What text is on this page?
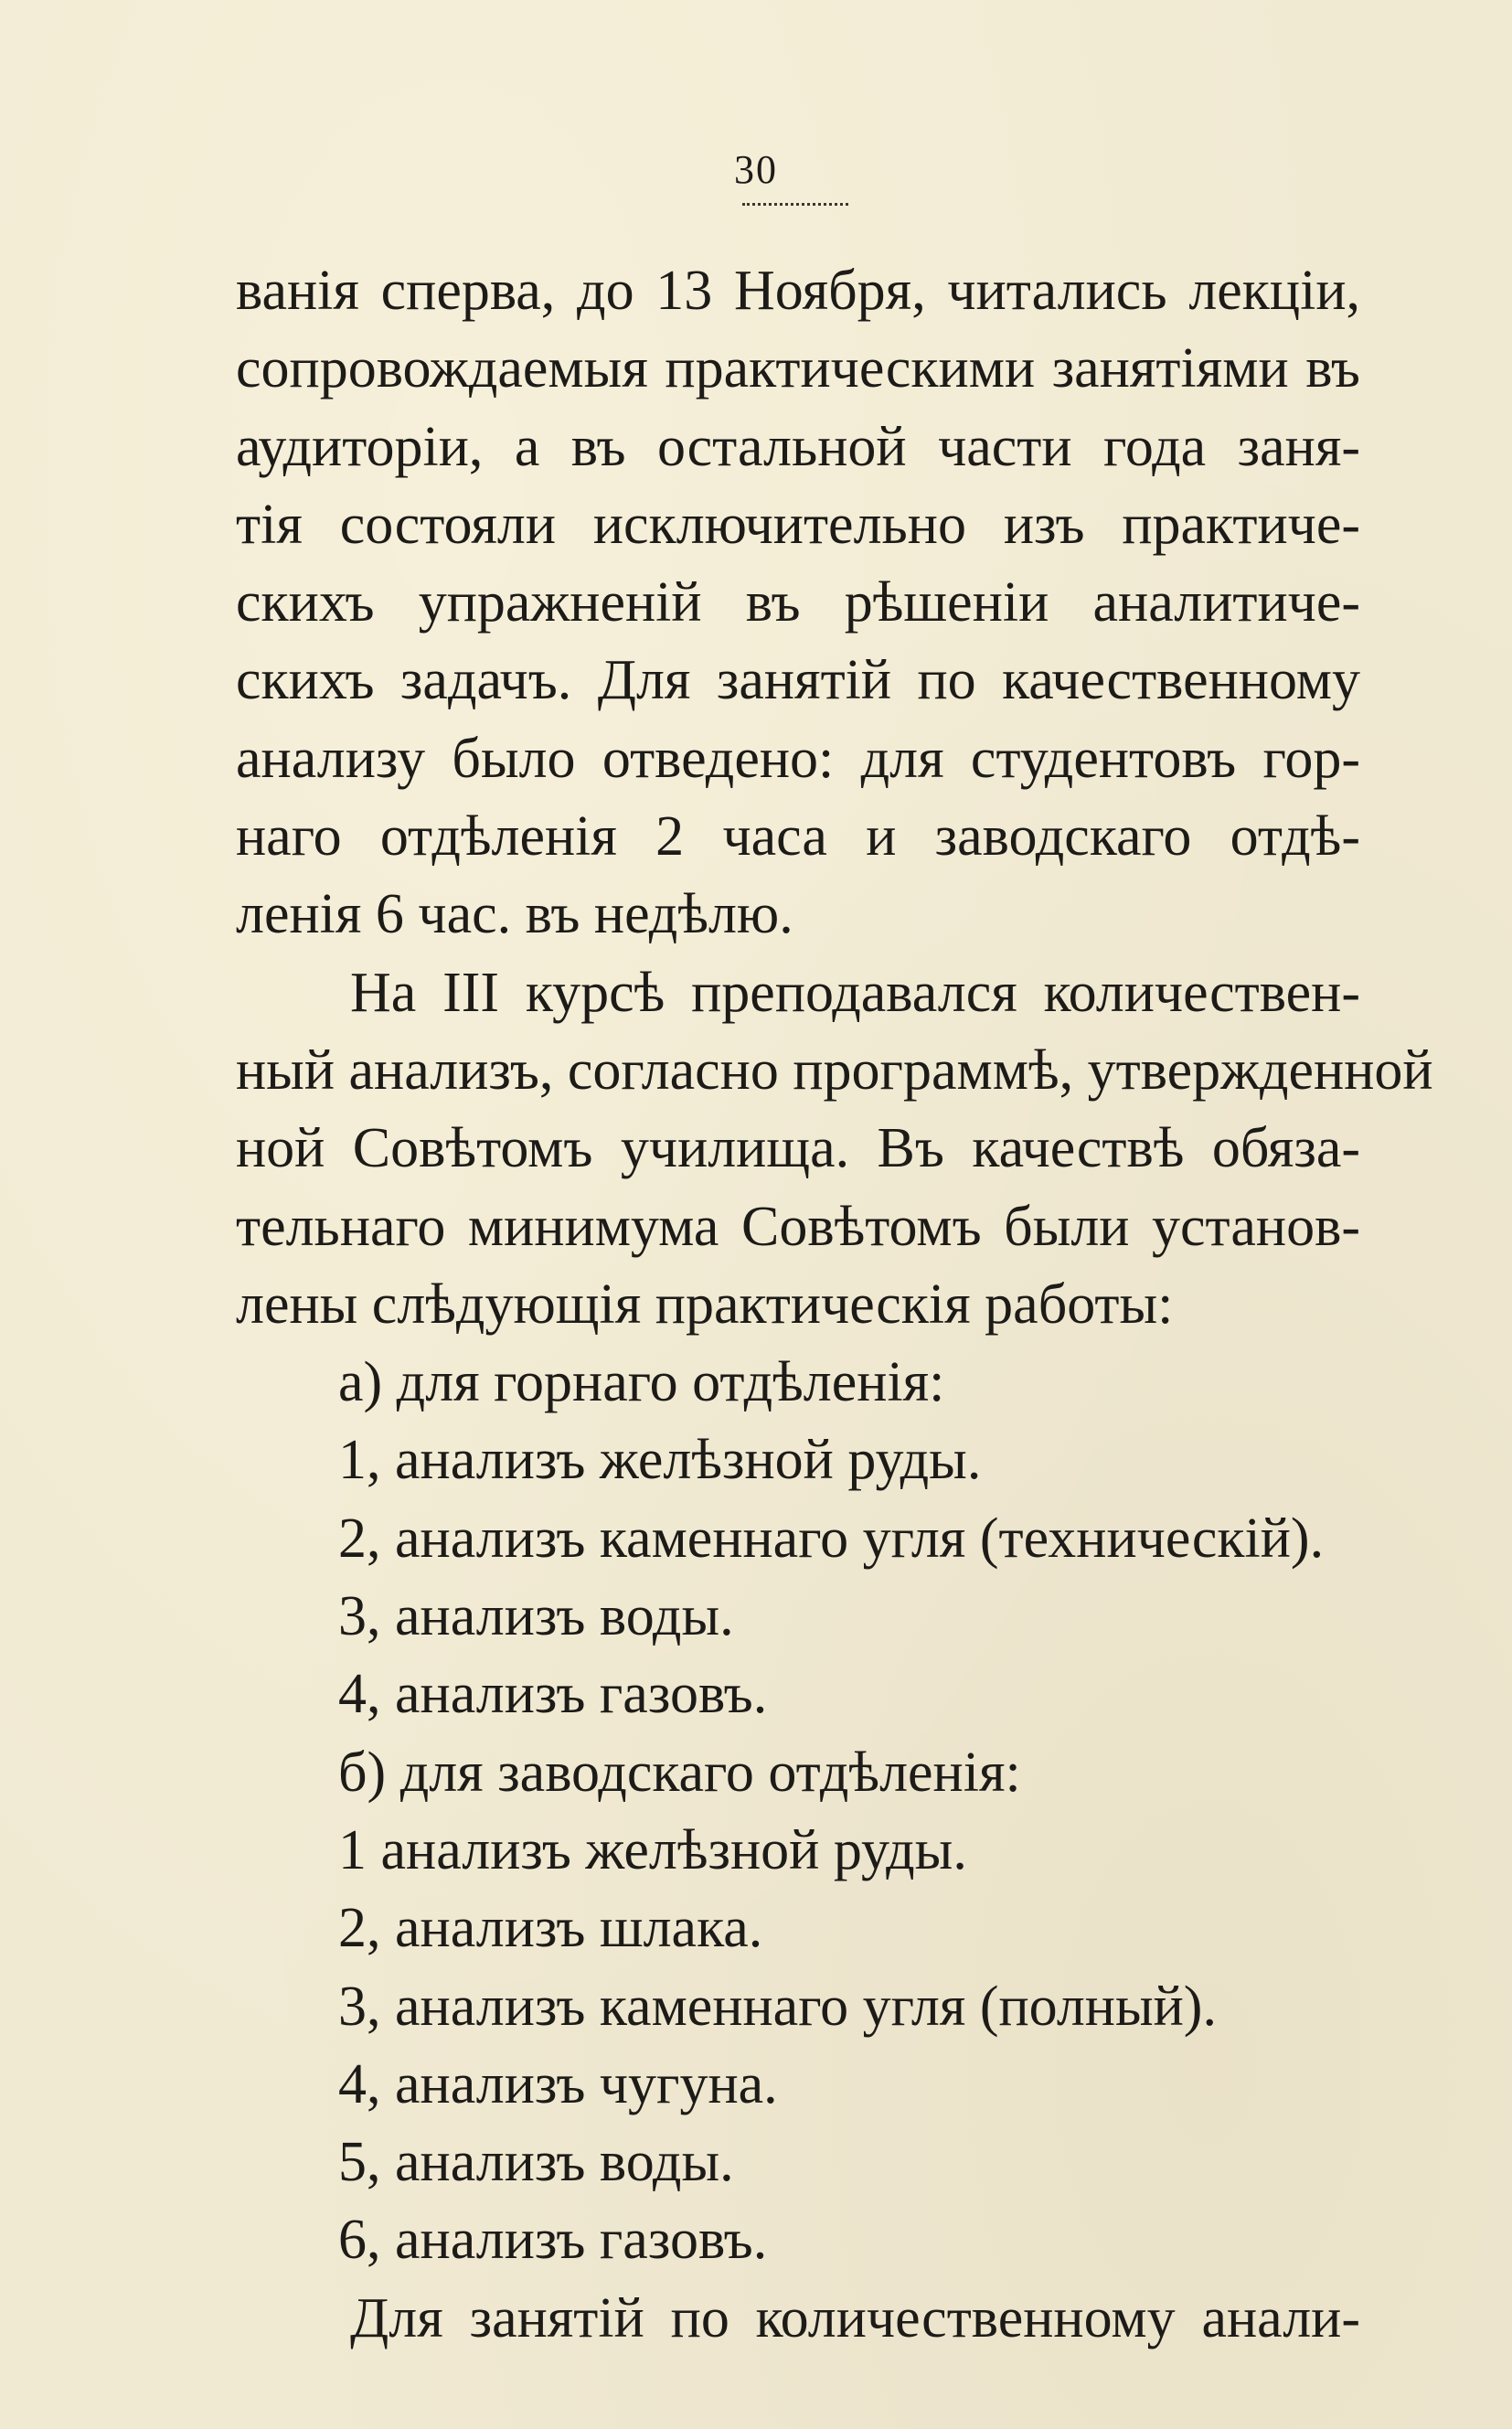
30
ванія сперва, до 13 Ноября, читались лекціи,
сопровождаемыя практическими занятіями въ
аудиторіи, а въ остальной части года заня-
тія состояли исключительно изъ практиче-
скихъ упражненій въ рѣшеніи аналитиче-
скихъ задачъ. Для занятій по качественному
анализу было отведено: для студентовъ гор-
наго отдѣленія 2 часа и заводскаго отдѣ-
ленія 6 час. въ недѣлю.
На III курсѣ преподавался количествен-
ный анализъ, согласно программѣ, утвержденной
ной Совѣтомъ училища. Въ качествѣ обяза-
тельнаго минимума Совѣтомъ были установ-
лены слѣдующія практическія работы:
а) для горнаго отдѣленія:
1, анализъ желѣзной руды.
2, анализъ каменнаго угля (техническій).
3, анализъ воды.
4, анализъ газовъ.
б) для заводскаго отдѣленія:
1 анализъ желѣзной руды.
2, анализъ шлака.
3, анализъ каменнаго угля (полный).
4, анализъ чугуна.
5, анализъ воды.
6, анализъ газовъ.
Для занятій по количественному анали-
